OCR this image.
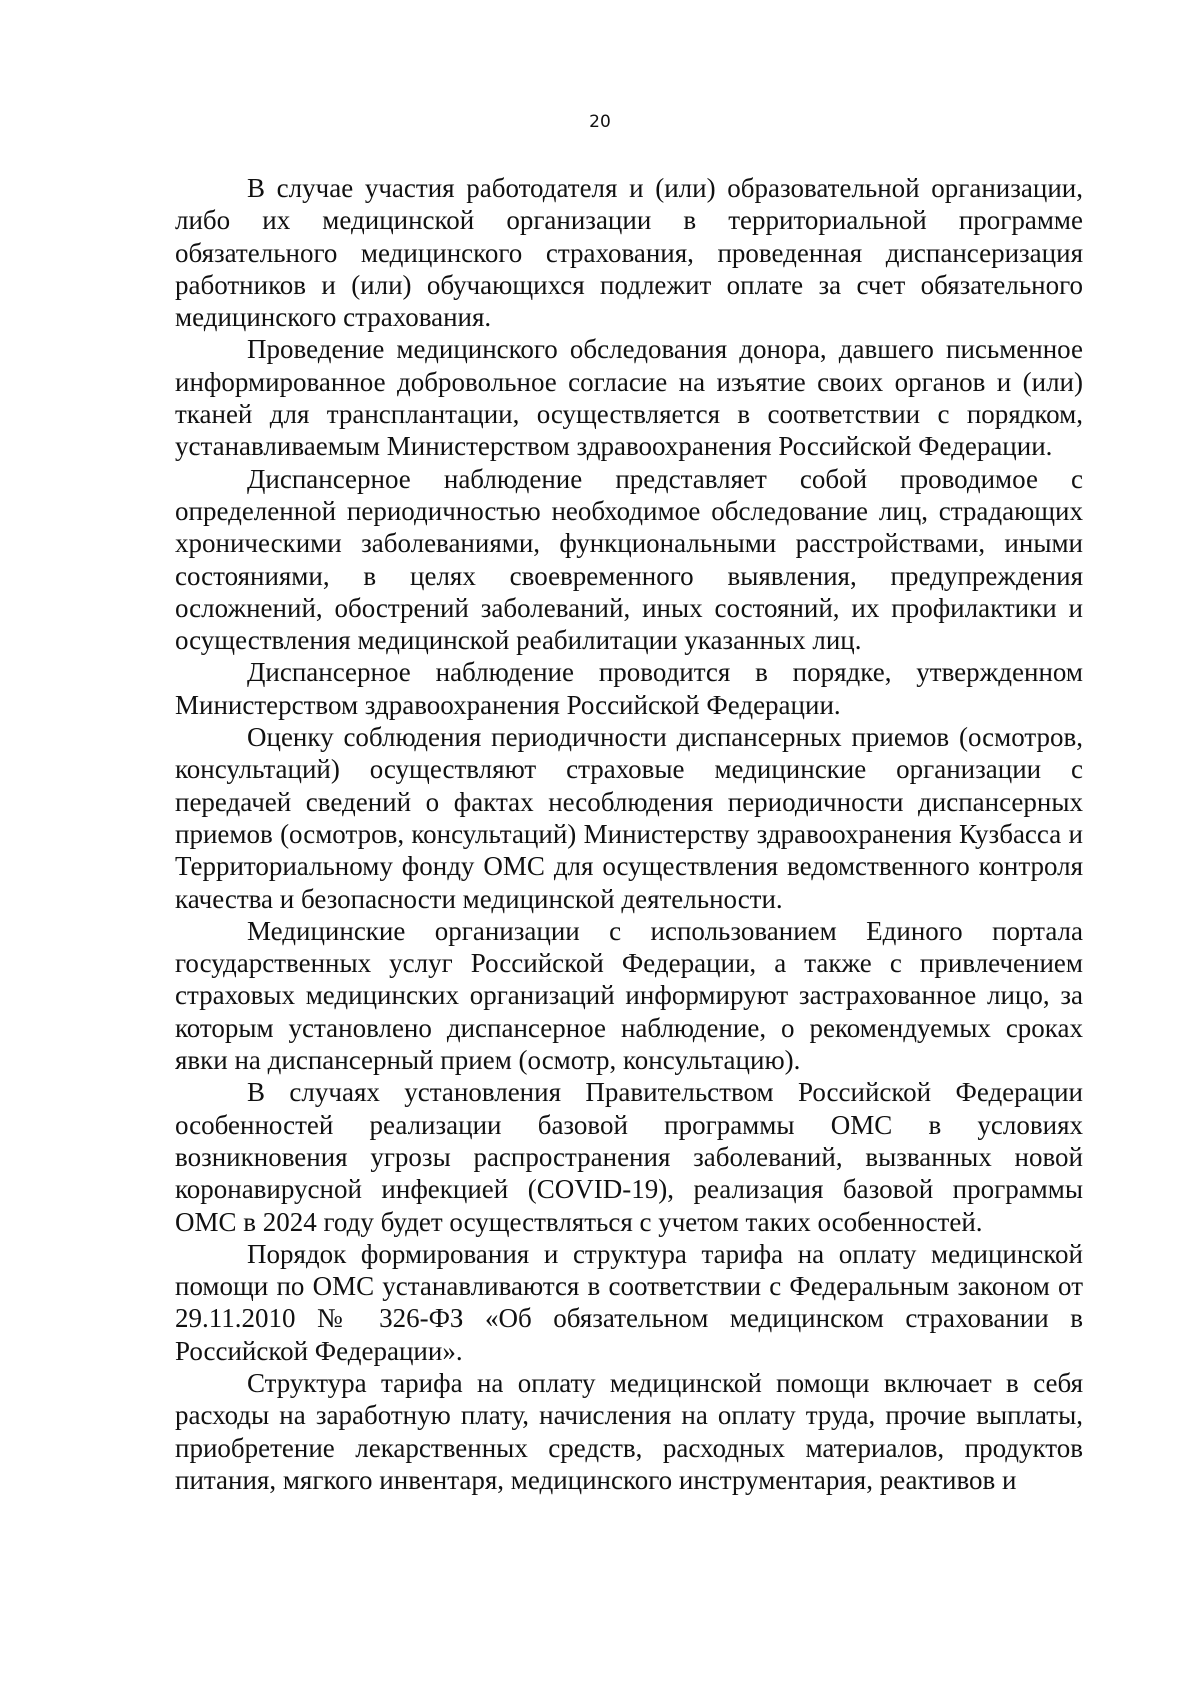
20

В случае участия работодателя и (или) образовательной организации, либо их медицинской организации в территориальной программе обязательного медицинского страхования, проведенная диспансеризация работников и (или) обучающихся подлежит оплате за счет обязательного медицинского страхования.

Проведение медицинского обследования донора, давшего письменное информированное добровольное согласие на изъятие своих органов и (или) тканей для трансплантации, осуществляется в соответствии с порядком, устанавливаемым Министерством здравоохранения Российской Федерации.

Диспансерное наблюдение представляет собой проводимое с определенной периодичностью необходимое обследование лиц, страдающих хроническими заболеваниями, функциональными расстройствами, иными состояниями, в целях своевременного выявления, предупреждения осложнений, обострений заболеваний, иных состояний, их профилактики и осуществления медицинской реабилитации указанных лиц.

Диспансерное наблюдение проводится в порядке, утвержденном Министерством здравоохранения Российской Федерации.

Оценку соблюдения периодичности диспансерных приемов (осмотров, консультаций) осуществляют страховые медицинские организации с передачей сведений о фактах несоблюдения периодичности диспансерных приемов (осмотров, консультаций) Министерству здравоохранения Кузбасса и Территориальному фонду ОМС для осуществления ведомственного контроля качества и безопасности медицинской деятельности.

Медицинские организации с использованием Единого портала государственных услуг Российской Федерации, а также с привлечением страховых медицинских организаций информируют застрахованное лицо, за которым установлено диспансерное наблюдение, о рекомендуемых сроках явки на диспансерный прием (осмотр, консультацию).

В случаях установления Правительством Российской Федерации особенностей реализации базовой программы ОМС в условиях возникновения угрозы распространения заболеваний, вызванных новой коронавирусной инфекцией (COVID-19), реализация базовой программы ОМС в 2024 году будет осуществляться с учетом таких особенностей.

Порядок формирования и структура тарифа на оплату медицинской помощи по ОМС устанавливаются в соответствии с Федеральным законом от 29.11.2010 № 326-ФЗ «Об обязательном медицинском страховании в Российской Федерации».

Структура тарифа на оплату медицинской помощи включает в себя расходы на заработную плату, начисления на оплату труда, прочие выплаты, приобретение лекарственных средств, расходных материалов, продуктов питания, мягкого инвентаря, медицинского инструментария, реактивов и
